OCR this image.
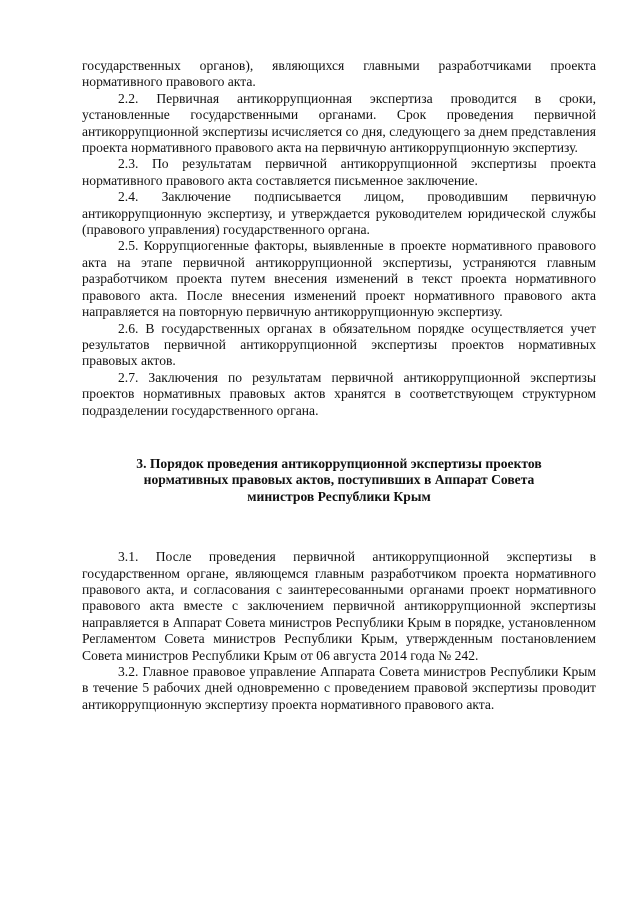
государственных органов), являющихся главными разработчиками проекта нормативного правового акта.

2.2. Первичная антикоррупционная экспертиза проводится в сроки, установленные государственными органами. Срок проведения первичной антикоррупционной экспертизы исчисляется со дня, следующего за днем представления проекта нормативного правового акта на первичную антикоррупционную экспертизу.

2.3. По результатам первичной антикоррупционной экспертизы проекта нормативного правового акта составляется письменное заключение.

2.4. Заключение подписывается лицом, проводившим первичную антикоррупционную экспертизу, и утверждается руководителем юридической службы (правового управления) государственного органа.

2.5. Коррупциогенные факторы, выявленные в проекте нормативного правового акта на этапе первичной антикоррупционной экспертизы, устраняются главным разработчиком проекта путем внесения изменений в текст проекта нормативного правового акта. После внесения изменений проект нормативного правового акта направляется на повторную первичную антикоррупционную экспертизу.

2.6. В государственных органах в обязательном порядке осуществляется учет результатов первичной антикоррупционной экспертизы проектов нормативных правовых актов.

2.7. Заключения по результатам первичной антикоррупционной экспертизы проектов нормативных правовых актов хранятся в соответствующем структурном подразделении государственного органа.

3. Порядок проведения антикоррупционной экспертизы проектов нормативных правовых актов, поступивших в Аппарат Совета министров Республики Крым

3.1. После проведения первичной антикоррупционной экспертизы в государственном органе, являющемся главным разработчиком проекта нормативного правового акта, и согласования с заинтересованными органами проект нормативного правового акта вместе с заключением первичной антикоррупционной экспертизы направляется в Аппарат Совета министров Республики Крым в порядке, установленном Регламентом Совета министров Республики Крым, утвержденным постановлением Совета министров Республики Крым от 06 августа 2014 года № 242.

3.2. Главное правовое управление Аппарата Совета министров Республики Крым в течение 5 рабочих дней одновременно с проведением правовой экспертизы проводит антикоррупционную экспертизу проекта нормативного правового акта.
